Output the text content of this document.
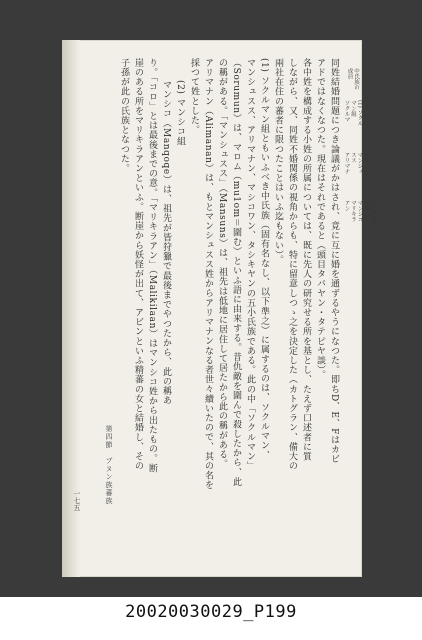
同姓結婚問題につき論議がかはされ、竟に互に婚を通ずるやうになつた。即ちD、E、Fはカビ
アドではなくなつた。現在はそれであると（頭目タバヤン・タテピヤ談）。
各中姓を構成する小姓の所属については、既に先人の研究せる所を基とし、たえず口述者に質
しながら、又、同姓不婚関係の視角からも、特に留意しつゝ之を決定した（カトグラン、備大の
兩社在住の蕃者に限つたことはいふ迄もない）。
(1) ソクルマン組ともいふべき中氏族（固有名なし、以下準之）に属するのは、ソクルマン、
マンシュスス、アリマナン、マシコワン、タシキヤンの五小氏族である。此の中「ソクルマン」
（Sorumun）は、マロム（mu1om＝圍む）といふ語に由来する。昔仇敵を圍んで殺したから、此
の稱がある。「マンシュスス」（Mansuns）は、祖先は低地に居住して居たから此の稱がある。
アリマナン（Alimanan）は、もとマンシュスス姓からアリマナンなる者世々續いたので、其の名を
採つて姓とした。
(2) マンシコ組
マンシコ（Manqoqe）は、祖先が皆狩獵で最後までやつたから、此の稱あ
り。「コロ」とは最後までの意。「マリキラアン」（Malikilaan）はマンシコ姓から出たもの。断
崖のある所をマリキラアンといふ。断崖から妖怪が出て、アビンといふ精蕃の女と結婚し、その
子孫が此の氏族となつた。	中氏族の
成員
(1) ソクル
マン組
ソクルマ
マンシュ
スス
アリマナ
(2) マンシ
コ組
マンシコ
マリキラ
アン
第四節　ブヌン族蕃族
一七五
20020030029_P199
